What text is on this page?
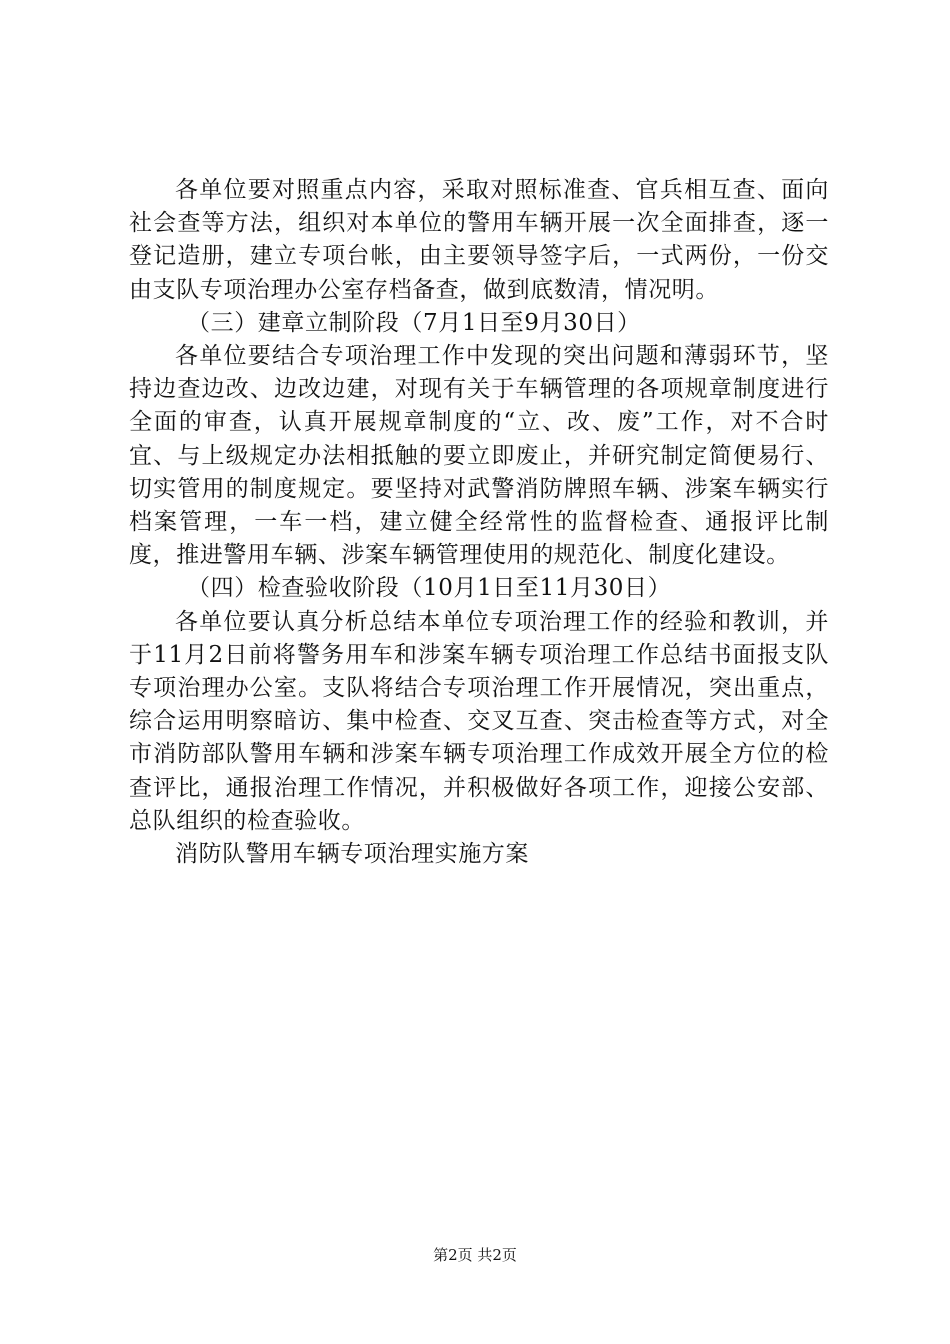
各单位要对照重点内容，采取对照标准查、官兵相互查、面向社会查等方法，组织对本单位的警用车辆开展一次全面排查，逐一登记造册，建立专项台帐，由主要领导签字后，一式两份，一份交由支队专项治理办公室存档备查，做到底数清，情况明。

（三）建章立制阶段（7月1日至9月30日）

各单位要结合专项治理工作中发现的突出问题和薄弱环节，坚持边查边改、边改边建，对现有关于车辆管理的各项规章制度进行全面的审查，认真开展规章制度的“立、改、废”工作，对不合时宜、与上级规定办法相抵触的要立即废止，并研究制定简便易行、切实管用的制度规定。要坚持对武警消防牌照车辆、涉案车辆实行档案管理，一车一档，建立健全经常性的监督检查、通报评比制度，推进警用车辆、涉案车辆管理使用的规范化、制度化建设。

（四）检查验收阶段（10月1日至11月30日）

各单位要认真分析总结本单位专项治理工作的经验和教训，并于11月2日前将警务用车和涉案车辆专项治理工作总结书面报支队专项治理办公室。支队将结合专项治理工作开展情况，突出重点，综合运用明察暗访、集中检查、交叉互查、突击检查等方式，对全市消防部队警用车辆和涉案车辆专项治理工作成效开展全方位的检查评比，通报治理工作情况，并积极做好各项工作，迎接公安部、总队组织的检查验收。

消防队警用车辆专项治理实施方案

第2页 共2页
